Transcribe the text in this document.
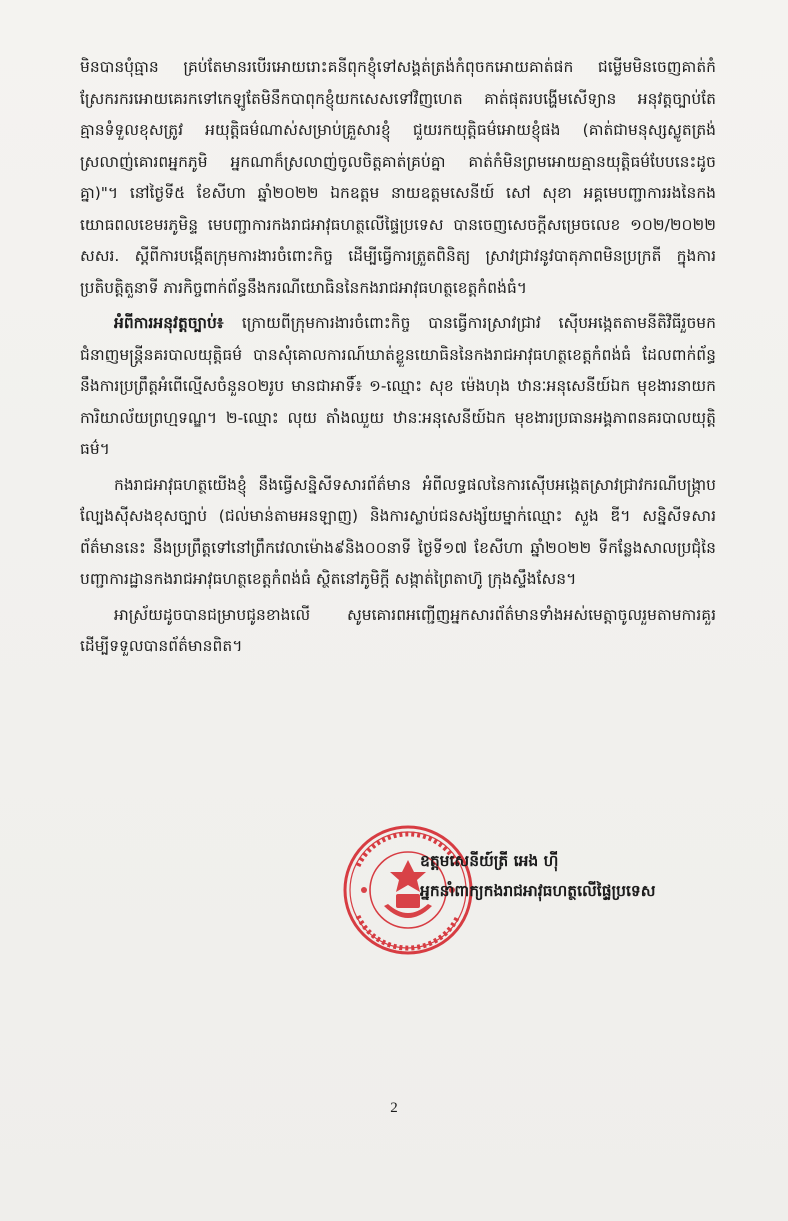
មិនបានបុំធ្មាន គ្រប់តែមានរបើរអោយរោះគនីពុកខ្ញុំទៅសង្គត់ត្រង់កំពុចកអោយគាត់ផក ជម្លើមមិនចេញគាត់កំស្រែករករអោយគេរកទៅកេឡូតែមិនឹកបាពុកខ្ញុំយកសេសទៅវិញហេត គាត់ផុតរបង្ហើមសើទ្យាន អនុវត្តច្បាប់តែគ្មានទំទួលខុសត្រូវ អយុត្តិធម៌ណាស់សម្រាប់គ្រួសារខ្ញុំ ជួយរកយុត្តិធម៌អោយខ្ញុំផង (គាត់ជាមនុស្សស្លូតត្រង់ ស្រលាញ់គោរពអ្នកភូមិ អ្នកណាក៏ស្រលាញ់ចូលចិត្តគាត់គ្រប់គ្នា គាត់កំមិនព្រមអោយគ្មានយុត្តិធម៌បែបនេះដូចគ្នា)"។ នៅថ្ងៃទី៥ ខែសីហា ឆ្នាំ២០២២ ឯកឧត្តម នាយឧត្តមសេនីយ៍ សៅ សុខា អគ្គមេបញ្ជាការរងនៃកងយោធពលខេមរភូមិន្ទ មេបញ្ជាការកងរាជអាវុធហត្ថលើផ្ទៃប្រទេស បានចេញសេចក្តីសម្រេចលេខ ១០២/២០២២ សសរ. ស្តីពីការបង្កើតក្រុមការងារចំពោះកិច្ច ដើម្បីធ្វើការត្រួតពិនិត្យ ស្រាវជ្រាវនូវបាតុភាពមិនប្រក្រតី ក្នុងការប្រតិបត្តិតួនាទី ភារកិច្ចពាក់ព័ន្ធនឹងករណីយោធិននៃកងរាជអាវុធហត្ថខេត្តកំពង់ធំ។

អំពីការអនុវត្តច្បាប់៖ ក្រោយពីក្រុមការងារចំពោះកិច្ច បានធ្វើការស្រាវជ្រាវ ស៊ើបអង្កេតតាមនីតិវិធីរួចមក ជំនាញមន្ត្រីនគរបាលយុត្តិធម៌ បានសុំគោលការណ៍ឃាត់ខ្លួនយោធិននៃកងរាជអាវុធហត្ថខេត្តកំពង់ធំ ដែលពាក់ព័ន្ធនឹងការប្រព្រឹត្តអំពើល្មើសចំនួន០២រូប មានជាអាទិ៍៖ ១-ឈ្មោះ សុខ ម៉េងហុង ឋានៈអនុសេនីយ៍ឯក មុខងារនាយកការិយាល័យព្រហ្មទណ្ឌ។ ២-ឈ្មោះ លុយ តាំងឈួយ ឋានៈអនុសេនីយ៍ឯក មុខងារប្រធានអង្គភាពនគរបាលយុត្តិធម៌។

កងរាជអាវុធហត្ថយើងខ្ញុំ នឹងធ្វើសន្និសីទសារព័ត៌មាន អំពីលទ្ធផលនៃការស៊ើបអង្កេតស្រាវជ្រាវករណីបង្ក្រាបល្បែងស៊ីសងខុសច្បាប់ (ជល់មាន់តាមអនឡាញ) និងការស្លាប់ជនសង្ស័យម្នាក់ឈ្មោះ សួង ឌី។ សន្និសីទសារព័ត៌មាននេះ នឹងប្រព្រឹត្តទៅនៅព្រឹកវេលាម៉ោង៩និង០០នាទី ថ្ងៃទី១៧ ខែសីហា ឆ្នាំ២០២២ ទីកន្លែងសាលប្រជុំនៃបញ្ជាការដ្ឋានកងរាជអាវុធហត្ថខេត្តកំពង់ធំ ស្ថិតនៅភូមិក្តី សង្កាត់ព្រៃតាហ៊ូ ក្រុងស្ទឹងសែន។

អាស្រ័យដូចបានជម្រាបជូនខាងលើ សូមគោរពអញ្ជើញអ្នកសារព័ត៌មានទាំងអស់មេត្តាចូលរួមតាមការគួរ ដើម្បីទទួលបានព័ត៌មានពិត។

ឧត្តមសេនីយ៍ត្រី អេង ហ៊ី
អ្នកនាំពាក្យកងរាជអាវុធហត្ថលើផ្ទៃប្រទេស
2
